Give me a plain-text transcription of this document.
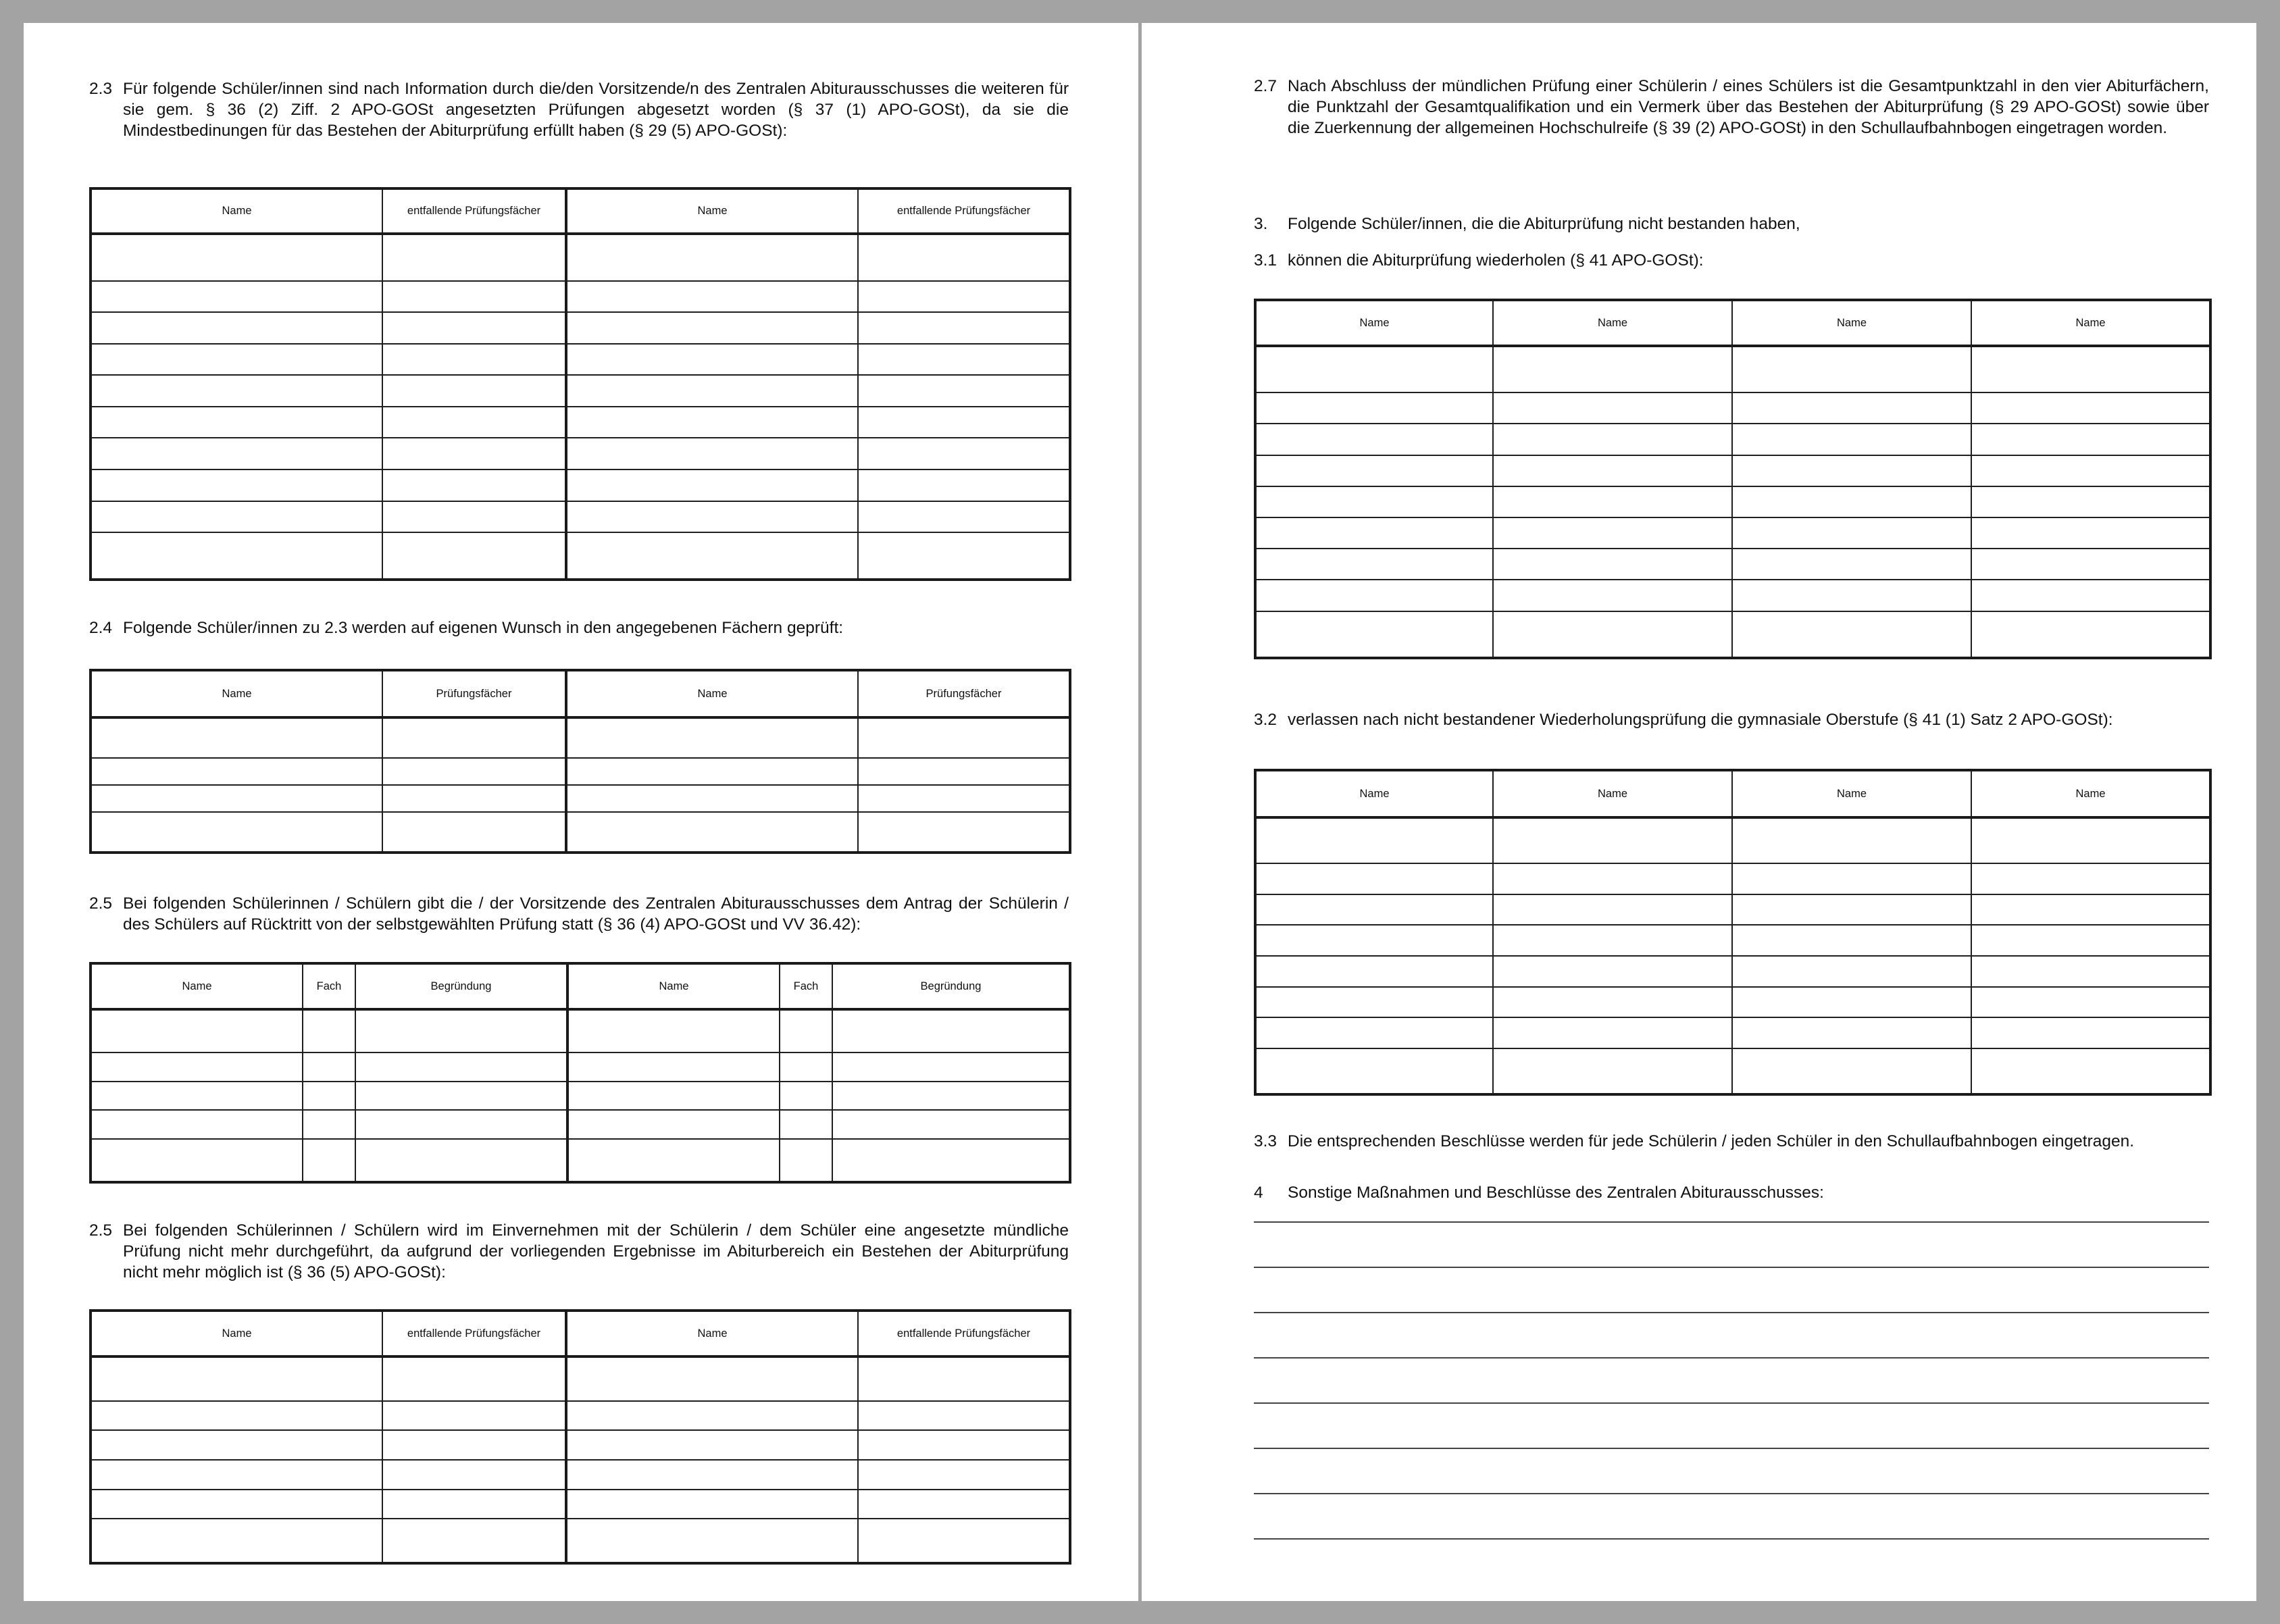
2.3 Für folgende Schüler/innen sind nach Information durch die/den Vorsitzende/n des Zentralen Abiturausschusses die weiteren für sie gem. § 36 (2) Ziff. 2 APO-GOSt angesetzten Prüfungen abgesetzt worden (§ 37 (1) APO-GOSt), da sie die Mindestbedinungen für das Bestehen der Abiturprüfung erfüllt haben (§ 29 (5) APO-GOSt):

Name	entfallende Prüfungsfächer	Name	entfallende Prüfungsfächer

2.4 Folgende Schüler/innen zu 2.3 werden auf eigenen Wunsch in den angegebenen Fächern geprüft:

Name	Prüfungsfächer	Name	Prüfungsfächer

2.5 Bei folgenden Schülerinnen / Schülern gibt die / der Vorsitzende des Zentralen Abiturausschusses dem Antrag der Schülerin / des Schülers auf Rücktritt von der selbstgewählten Prüfung statt (§ 36 (4) APO-GOSt und VV 36.42):

Name	Fach	Begründung	Name	Fach	Begründung

2.5 Bei folgenden Schülerinnen / Schülern wird im Einvernehmen mit der Schülerin / dem Schüler eine angesetzte mündliche Prüfung nicht mehr durchgeführt, da aufgrund der vorliegenden Ergebnisse im Abiturbereich ein Bestehen der Abiturprüfung nicht mehr möglich ist (§ 36 (5) APO-GOSt):

Name	entfallende Prüfungsfächer	Name	entfallende Prüfungsfächer

2.7 Nach Abschluss der mündlichen Prüfung einer Schülerin / eines Schülers ist die Gesamtpunktzahl in den vier Abiturfächern, die Punktzahl der Gesamtqualifikation und ein Vermerk über das Bestehen der Abiturprüfung (§ 29 APO-GOSt) sowie über die Zuerkennung der allgemeinen Hochschulreife (§ 39 (2) APO-GOSt) in den Schullaufbahnbogen eingetragen worden.

3. Folgende Schüler/innen, die die Abiturprüfung nicht bestanden haben,

3.1 können die Abiturprüfung wiederholen (§ 41 APO-GOSt):

Name	Name	Name	Name

3.2 verlassen nach nicht bestandener Wiederholungsprüfung die gymnasiale Oberstufe (§ 41 (1) Satz 2 APO-GOSt):

Name	Name	Name	Name

3.3 Die entsprechenden Beschlüsse werden für jede Schülerin / jeden Schüler in den Schullaufbahnbogen eingetragen.

4 Sonstige Maßnahmen und Beschlüsse des Zentralen Abiturausschusses:
